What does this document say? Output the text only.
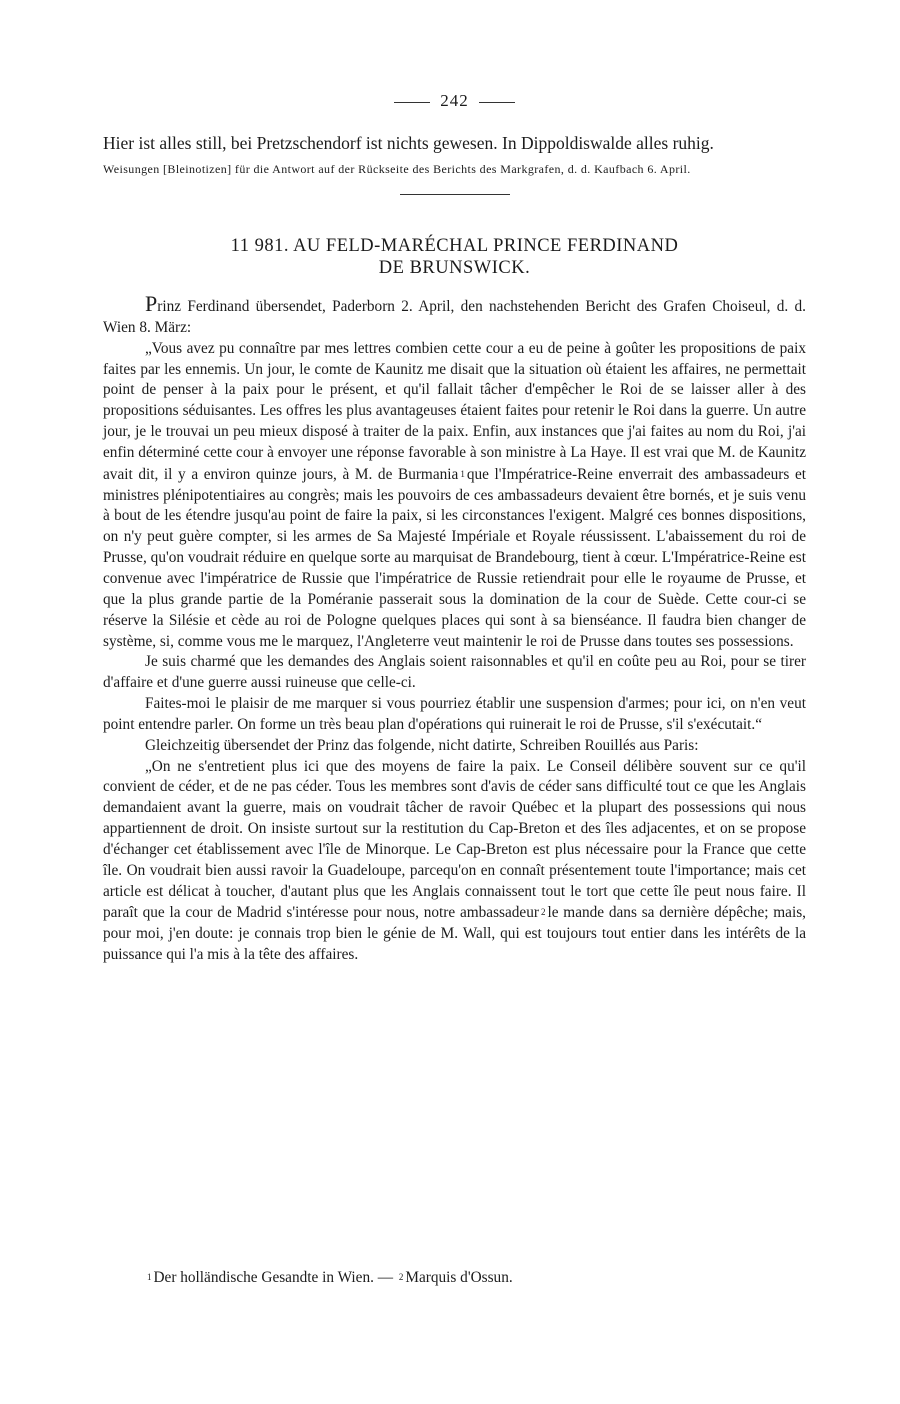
242
Hier ist alles still, bei Pretzschendorf ist nichts gewesen. In Dippoldiswalde alles ruhig.
Weisungen [Bleinotizen] für die Antwort auf der Rückseite des Berichts des Markgrafen, d. d. Kaufbach 6. April.
11 981. AU FELD-MARÉCHAL PRINCE FERDINAND
DE BRUNSWICK.

Prinz Ferdinand übersendet, Paderborn 2. April, den nachstehenden Bericht des Grafen Choiseul, d. d. Wien 8. März:

„Vous avez pu connaître par mes lettres combien cette cour a eu de peine à goûter les propositions de paix faites par les ennemis. Un jour, le comte de Kaunitz me disait que la situation où étaient les affaires, ne permettait point de penser à la paix pour le présent, et qu'il fallait tâcher d'empêcher le Roi de se laisser aller à des propositions séduisantes. Les offres les plus avantageuses étaient faites pour retenir le Roi dans la guerre. Un autre jour, je le trouvai un peu mieux disposé à traiter de la paix. Enfin, aux instances que j'ai faites au nom du Roi, j'ai enfin déterminé cette cour à envoyer une réponse favorable à son ministre à La Haye. Il est vrai que M. de Kaunitz avait dit, il y a environ quinze jours, à M. de Burmania $^1$ que l'Impératrice-Reine enverrait des ambassadeurs et ministres plénipotentiaires au congrès; mais les pouvoirs de ces ambassadeurs devaient être bornés, et je suis venu à bout de les étendre jusqu'au point de faire la paix, si les circonstances l'exigent. Malgré ces bonnes dispositions, on n'y peut guère compter, si les armes de Sa Majesté Impériale et Royale réussissent. L'abaissement du roi de Prusse, qu'on voudrait réduire en quelque sorte au marquisat de Brandebourg, tient à cœur. L'Impératrice-Reine est convenue avec l'impératrice de Russie que l'impératrice de Russie retiendrait pour elle le royaume de Prusse, et que la plus grande partie de la Poméranie passerait sous la domination de la cour de Suède. Cette cour-ci se réserve la Silésie et cède au roi de Pologne quelques places qui sont à sa bienséance. Il faudra bien changer de système, si, comme vous me le marquez, l'Angleterre veut maintenir le roi de Prusse dans toutes ses possessions.

Je suis charmé que les demandes des Anglais soient raisonnables et qu'il en coûte peu au Roi, pour se tirer d'affaire et d'une guerre aussi ruineuse que celle-ci.

Faites-moi le plaisir de me marquer si vous pourriez établir une suspension d'armes; pour ici, on n'en veut point entendre parler. On forme un très beau plan d'opérations qui ruinerait le roi de Prusse, s'il s'exécutait.“

Gleichzeitig übersendet der Prinz das folgende, nicht datirte, Schreiben Rouillés aus Paris:

„On ne s'entretient plus ici que des moyens de faire la paix. Le Conseil délibère souvent sur ce qu'il convient de céder, et de ne pas céder. Tous les membres sont d'avis de céder sans difficulté tout ce que les Anglais demandaient avant la guerre, mais on voudrait tâcher de ravoir Québec et la plupart des possessions qui nous appartiennent de droit. On insiste surtout sur la restitution du Cap-Breton et des îles adjacentes, et on se propose d'échanger cet établissement avec l'île de Minorque. Le Cap-Breton est plus nécessaire pour la France que cette île. On voudrait bien aussi ravoir la Guadeloupe, parcequ'on en connaît présentement toute l'importance; mais cet article est délicat à toucher, d'autant plus que les Anglais connaissent tout le tort que cette île peut nous faire. Il paraît que la cour de Madrid s'intéresse pour nous, notre ambassadeur $^2$ le mande dans sa dernière dépêche; mais, pour moi, j'en doute: je connais trop bien le génie de M. Wall, qui est toujours tout entier dans les intérêts de la puissance qui l'a mis à la tête des affaires.

$^1$ Der holländische Gesandte in Wien. — $^2$ Marquis d'Ossun.
